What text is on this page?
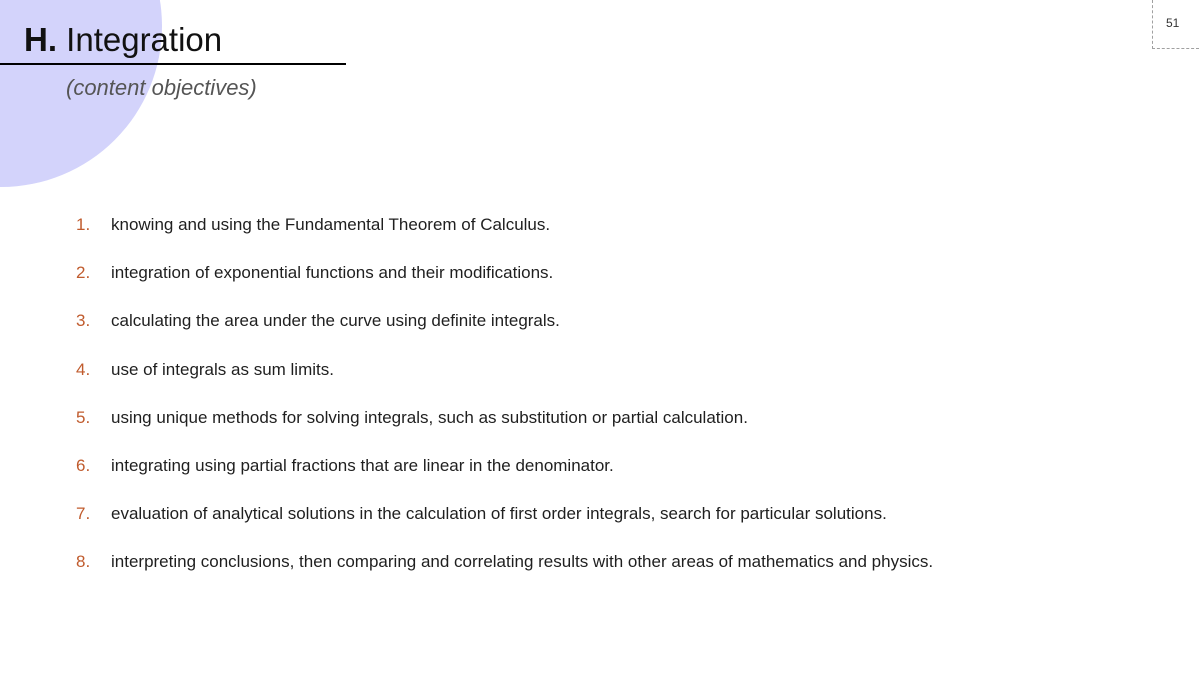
H. Integration
(content objectives)
51
1. knowing and using the Fundamental Theorem of Calculus.
2. integration of exponential functions and their modifications.
3. calculating the area under the curve using definite integrals.
4. use of integrals as sum limits.
5. using unique methods for solving integrals, such as substitution or partial calculation.
6. integrating using partial fractions that are linear in the denominator.
7. evaluation of analytical solutions in the calculation of first order integrals, search for particular solutions.
8. interpreting conclusions, then comparing and correlating results with other areas of mathematics and physics.
